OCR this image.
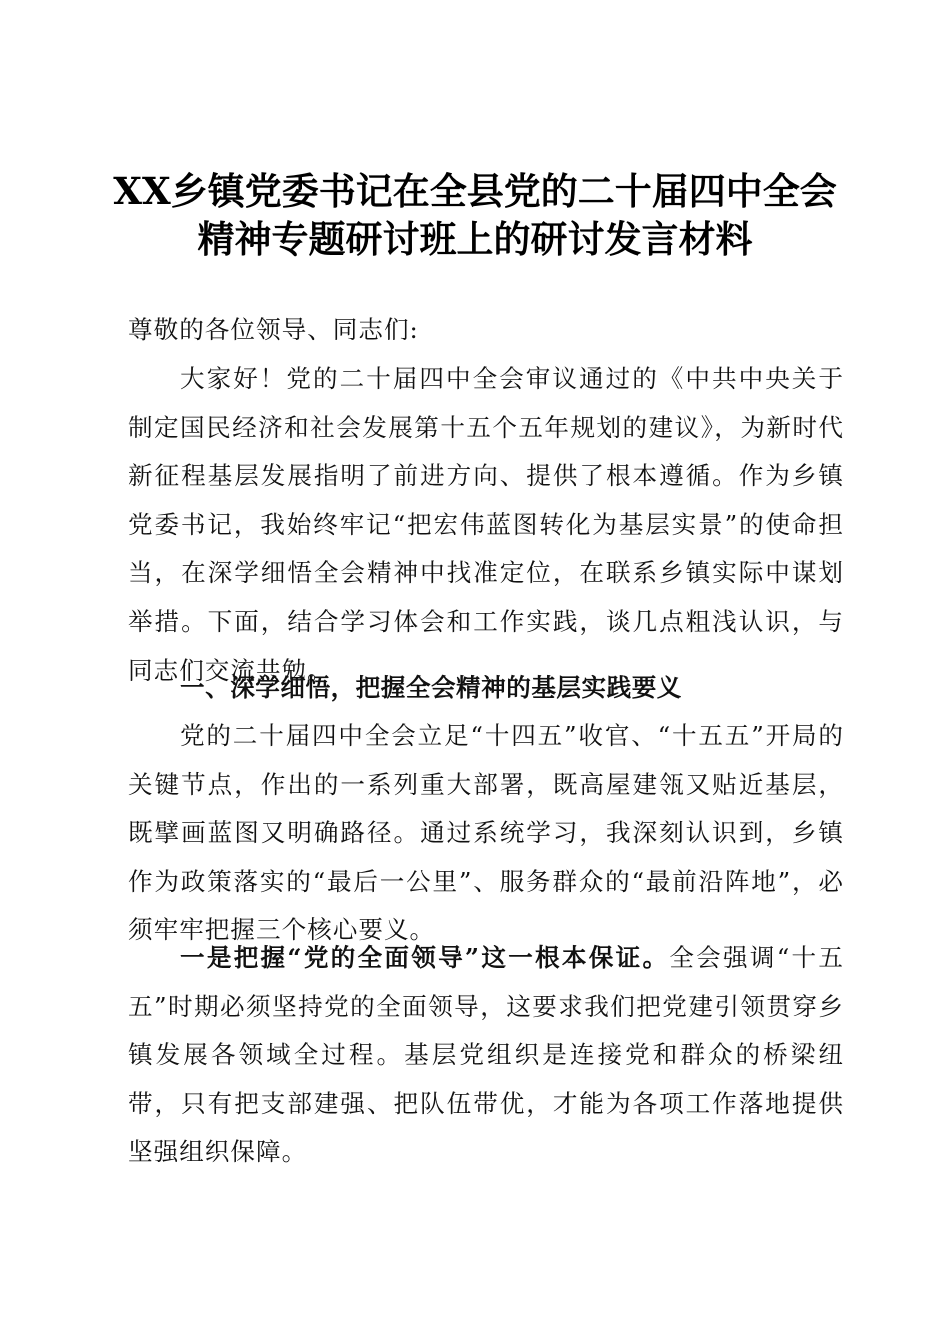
XX乡镇党委书记在全县党的二十届四中全会
精神专题研讨班上的研讨发言材料

尊敬的各位领导、同志们:

大家好！党的二十届四中全会审议通过的《中共中央关于制定国民经济和社会发展第十五个五年规划的建议》，为新时代新征程基层发展指明了前进方向、提供了根本遵循。作为乡镇党委书记，我始终牢记“把宏伟蓝图转化为基层实景”的使命担当，在深学细悟全会精神中找准定位，在联系乡镇实际中谋划举措。下面，结合学习体会和工作实践，谈几点粗浅认识，与同志们交流共勉。

一、深学细悟，把握全会精神的基层实践要义

党的二十届四中全会立足“十四五”收官、“十五五”开局的关键节点，作出的一系列重大部署，既高屋建瓴又贴近基层，既擘画蓝图又明确路径。通过系统学习，我深刻认识到，乡镇作为政策落实的“最后一公里”、服务群众的“最前沿阵地”，必须牢牢把握三个核心要义。

一是把握“党的全面领导”这一根本保证。全会强调“十五五”时期必须坚持党的全面领导，这要求我们把党建引领贯穿乡镇发展各领域全过程。基层党组织是连接党和群众的桥梁纽带，只有把支部建强、把队伍带优，才能为各项工作落地提供坚强组织保障。
